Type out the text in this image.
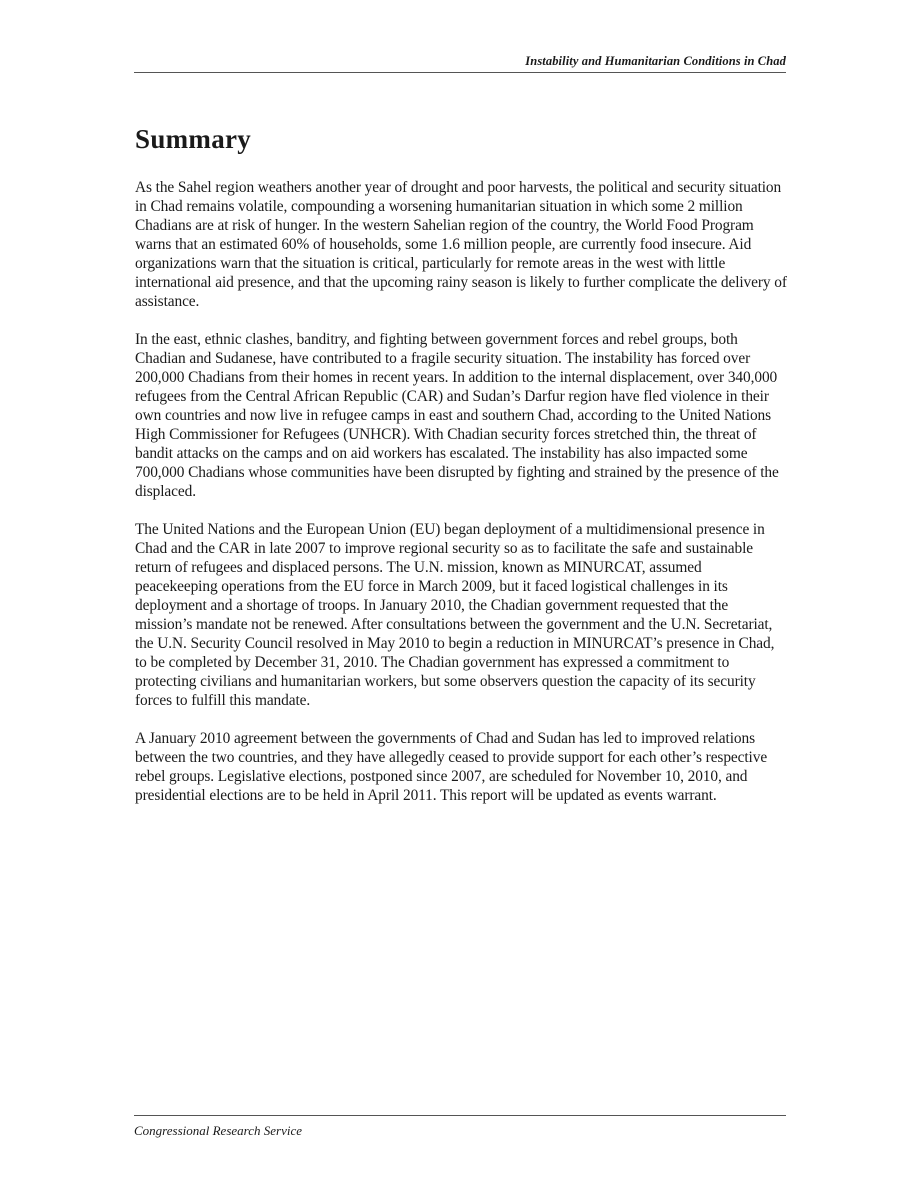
Instability and Humanitarian Conditions in Chad
Summary

As the Sahel region weathers another year of drought and poor harvests, the political and security situation in Chad remains volatile, compounding a worsening humanitarian situation in which some 2 million Chadians are at risk of hunger. In the western Sahelian region of the country, the World Food Program warns that an estimated 60% of households, some 1.6 million people, are currently food insecure. Aid organizations warn that the situation is critical, particularly for remote areas in the west with little international aid presence, and that the upcoming rainy season is likely to further complicate the delivery of assistance.

In the east, ethnic clashes, banditry, and fighting between government forces and rebel groups, both Chadian and Sudanese, have contributed to a fragile security situation. The instability has forced over 200,000 Chadians from their homes in recent years. In addition to the internal displacement, over 340,000 refugees from the Central African Republic (CAR) and Sudan’s Darfur region have fled violence in their own countries and now live in refugee camps in east and southern Chad, according to the United Nations High Commissioner for Refugees (UNHCR). With Chadian security forces stretched thin, the threat of bandit attacks on the camps and on aid workers has escalated. The instability has also impacted some 700,000 Chadians whose communities have been disrupted by fighting and strained by the presence of the displaced.

The United Nations and the European Union (EU) began deployment of a multidimensional presence in Chad and the CAR in late 2007 to improve regional security so as to facilitate the safe and sustainable return of refugees and displaced persons. The U.N. mission, known as MINURCAT, assumed peacekeeping operations from the EU force in March 2009, but it faced logistical challenges in its deployment and a shortage of troops. In January 2010, the Chadian government requested that the mission’s mandate not be renewed. After consultations between the government and the U.N. Secretariat, the U.N. Security Council resolved in May 2010 to begin a reduction in MINURCAT’s presence in Chad, to be completed by December 31, 2010. The Chadian government has expressed a commitment to protecting civilians and humanitarian workers, but some observers question the capacity of its security forces to fulfill this mandate.

A January 2010 agreement between the governments of Chad and Sudan has led to improved relations between the two countries, and they have allegedly ceased to provide support for each other’s respective rebel groups. Legislative elections, postponed since 2007, are scheduled for November 10, 2010, and presidential elections are to be held in April 2011. This report will be updated as events warrant.

Congressional Research Service
